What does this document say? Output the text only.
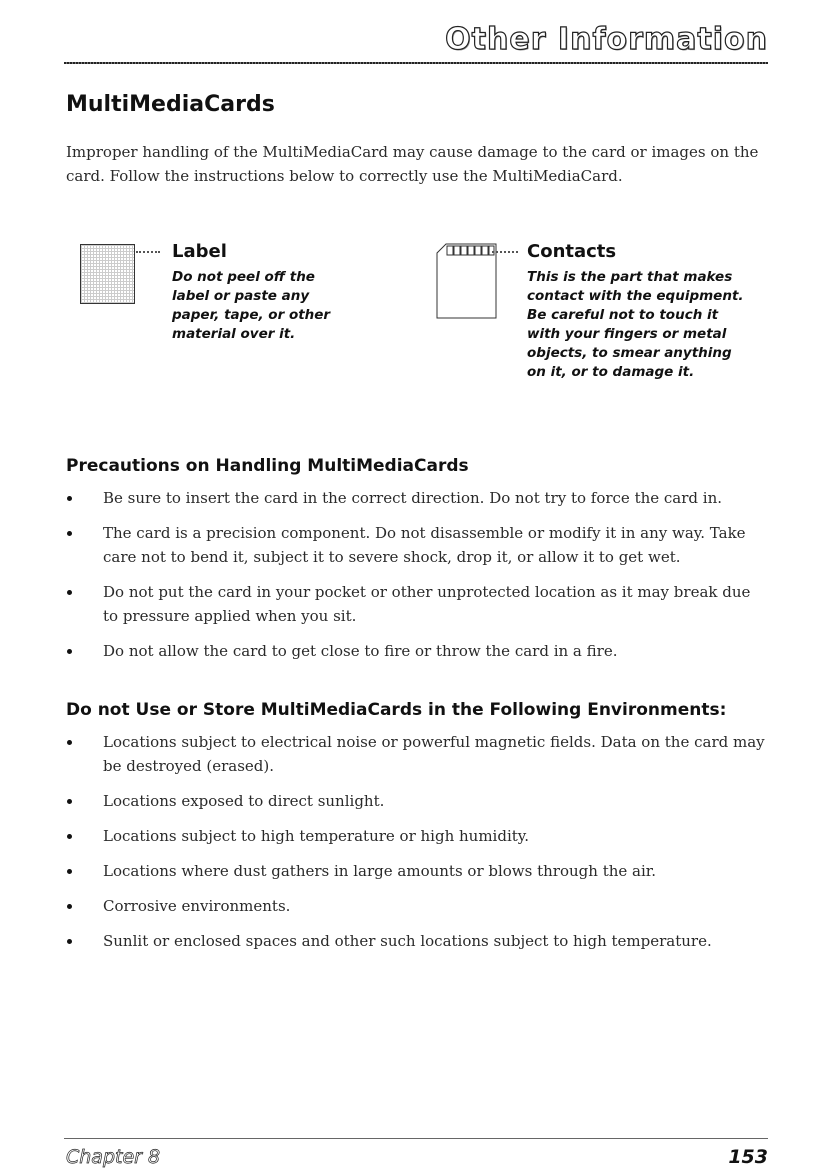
Other Information
MultiMediaCards

Improper handling of the MultiMediaCard may cause damage to the card or images on the card. Follow the instructions below to correctly use the MultiMediaCard.

Label
Do not peel off the
label or paste any
paper, tape, or other
material over it.
Contacts
This is the part that makes
contact with the equipment.
Be careful not to touch it
with your fingers or metal
objects, to smear anything
on it, or to damage it.
Precautions on Handling MultiMediaCards
Be sure to insert the card in the correct direction. Do not try to force the card in.
The card is a precision component. Do not disassemble or modify it in any way. Take care not to bend it, subject it to severe shock, drop it, or allow it to get wet.
Do not put the card in your pocket or other unprotected location as it may break due to pressure applied when you sit.
Do not allow the card to get close to fire or throw the card in a fire.
Do not Use or Store MultiMediaCards in the Following Environments:
Locations subject to electrical noise or powerful magnetic fields. Data on the card may be destroyed (erased).
Locations exposed to direct sunlight.
Locations subject to high temperature or high humidity.
Locations where dust gathers in large amounts or blows through the air.
Corrosive environments.
Sunlit or enclosed spaces and other such locations subject to high temperature.
Chapter 8	153
